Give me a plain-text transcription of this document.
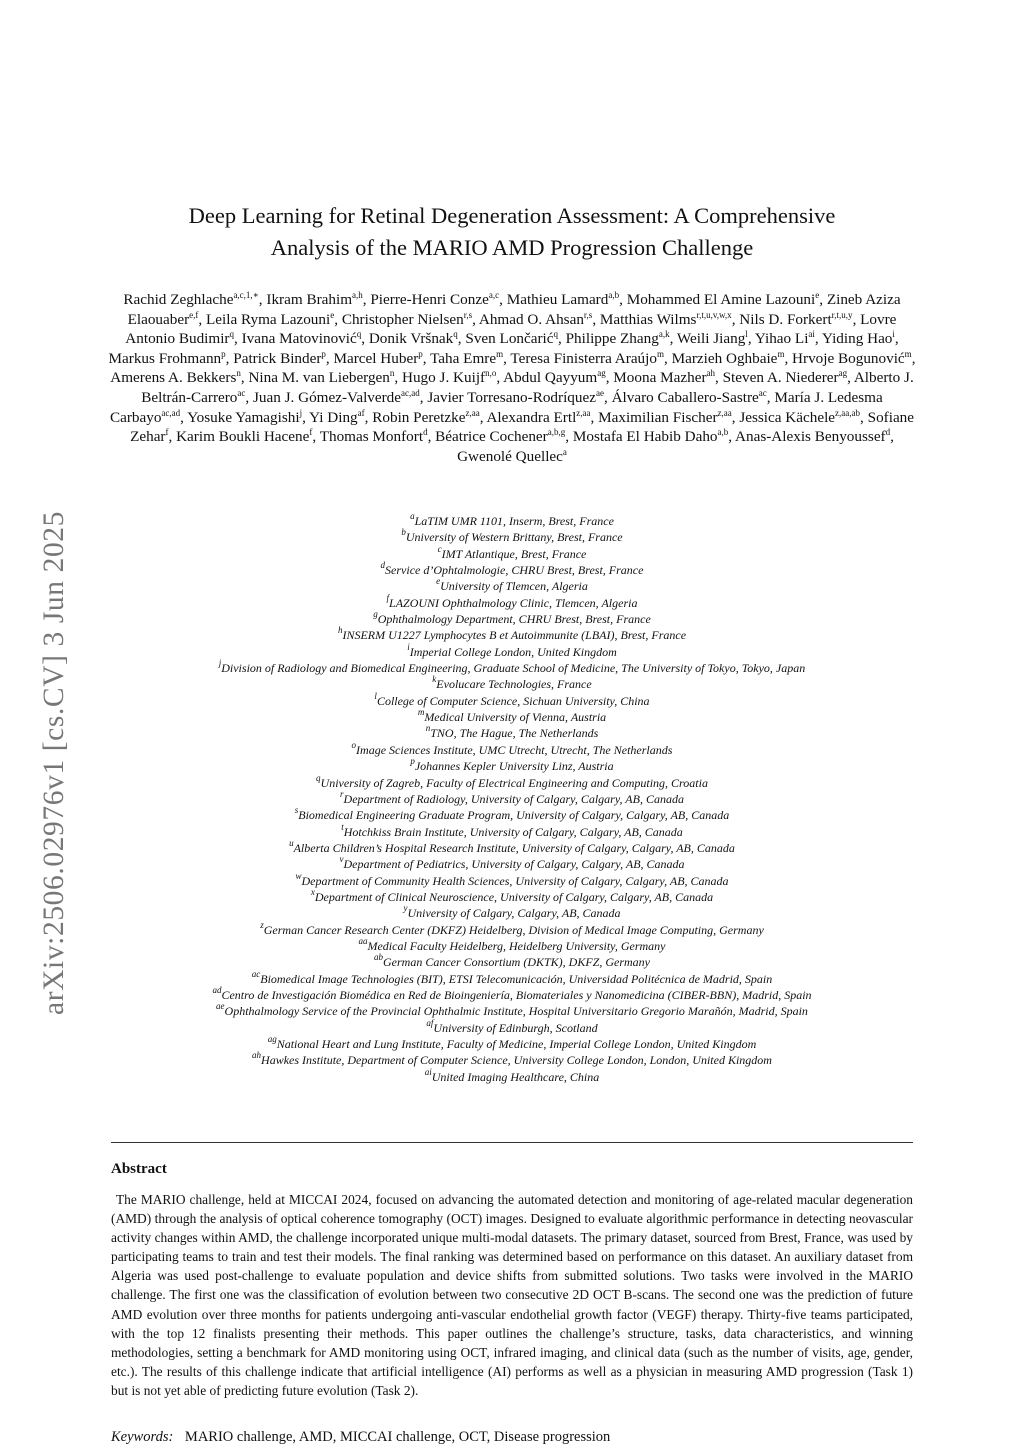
arXiv:2506.02976v1 [cs.CV] 3 Jun 2025
Deep Learning for Retinal Degeneration Assessment: A Comprehensive
Analysis of the MARIO AMD Progression Challenge
Rachid Zeghlache$^{a,c,1,∗}$, Ikram Brahim$^{a,h}$, Pierre-Henri Conze$^{a,c}$, Mathieu Lamard$^{a,b}$, Mohammed El Amine Lazouni$^e$, Zineb Aziza Elaouaber$^{e,f}$, Leila Ryma Lazouni$^e$, Christopher Nielsen$^{r,s}$, Ahmad O. Ahsan$^{r,s}$, Matthias Wilms$^{r,t,u,v,w,x}$, Nils D. Forkert$^{r,t,u,y}$, Lovre Antonio Budimir$^q$, Ivana Matovinović$^q$, Donik Vršnak$^q$, Sven Lončarić$^q$, Philippe Zhang$^{a,k}$, Weili Jiang$^l$, Yihao $Li^{ai}$, Yiding Hao$^i$, Markus Frohmann$^p$, Patrick Binder$^p$, Marcel Huber$^p$, Taha Emre$^m$, Teresa Finisterra Araújo$^m$, Marzieh Oghbaie$^m$, Hrvoje Bogunović$^m$, Amerens A. Bekkers$^n$, Nina M. van Liebergen$^n$, Hugo J. Kuijf$^{n,o}$, Abdul Qayyum$^{ag}$, Moona Mazher$^{ah}$, Steven A. Niederer$^{ag}$, Alberto J. Beltrán-Carrero$^{ac}$, Juan J. Gómez-Valverde$^{ac,ad}$, Javier Torresano-Rodríquez$^{ae}$, Álvaro Caballero-Sastre$^{ac}$, María J. Ledesma Carbayo$^{ac,ad}$, Yosuke Yamagishi$^j$, Yi Ding$^{af}$, Robin Peretzke$^{z,aa}$, Alexandra Ertl$^{z,aa}$, Maximilian Fischer$^{z,aa}$, Jessica Kächele$^{z,aa,ab}$, Sofiane Zehar$^f$, Karim Boukli Hacene$^f$, Thomas Monfort$^d$, Béatrice Cochener$^{a,b,g}$, Mostafa El Habib Daho$^{a,b}$, Anas-Alexis Benyoussef$^d$, Gwenolé Quellec$^a$
$^a$LaTIM UMR 1101, Inserm, Brest, France
$^b$University of Western Brittany, Brest, France
$^c$IMT Atlantique, Brest, France
$^d$Service d’Ophtalmologie, CHRU Brest, Brest, France
$^e$University of Tlemcen, Algeria
$^f$LAZOUNI Ophthalmology Clinic, Tlemcen, Algeria
$^g$Ophthalmology Department, CHRU Brest, Brest, France
$^h$INSERM U1227 Lymphocytes B et Autoimmunite (LBAI), Brest, France
$^i$Imperial College London, United Kingdom
$^j$Division of Radiology and Biomedical Engineering, Graduate School of Medicine, The University of Tokyo, Tokyo, Japan
$^k$Evolucare Technologies, France
$^l$College of Computer Science, Sichuan University, China
$^m$Medical University of Vienna, Austria
$^n$TNO, The Hague, The Netherlands
$^o$Image Sciences Institute, UMC Utrecht, Utrecht, The Netherlands
$^p$Johannes Kepler University Linz, Austria
$^q$University of Zagreb, Faculty of Electrical Engineering and Computing, Croatia
$^r$Department of Radiology, University of Calgary, Calgary, AB, Canada
$^s$Biomedical Engineering Graduate Program, University of Calgary, Calgary, AB, Canada
$^t$Hotchkiss Brain Institute, University of Calgary, Calgary, AB, Canada
$^u$Alberta Children’s Hospital Research Institute, University of Calgary, Calgary, AB, Canada
$^v$Department of Pediatrics, University of Calgary, Calgary, AB, Canada
$^w$Department of Community Health Sciences, University of Calgary, Calgary, AB, Canada
$^x$Department of Clinical Neuroscience, University of Calgary, Calgary, AB, Canada
$^y$University of Calgary, Calgary, AB, Canada
$^z$German Cancer Research Center (DKFZ) Heidelberg, Division of Medical Image Computing, Germany
$^{aa}$Medical Faculty Heidelberg, Heidelberg University, Germany
$^{ab}$German Cancer Consortium (DKTK), DKFZ, Germany
$^{ac}$Biomedical Image Technologies (BIT), ETSI Telecomunicación, Universidad Politécnica de Madrid, Spain
$^{ad}$Centro de Investigación Biomédica en Red de Bioingeniería, Biomateriales y Nanomedicina (CIBER-BBN), Madrid, Spain
$^{ae}$Ophthalmology Service of the Provincial Ophthalmic Institute, Hospital Universitario Gregorio Marañón, Madrid, Spain
$^{af}$University of Edinburgh, Scotland
$^{ag}$National Heart and Lung Institute, Faculty of Medicine, Imperial College London, United Kingdom
$^{ah}$Hawkes Institute, Department of Computer Science, University College London, London, United Kingdom
$^{ai}$United Imaging Healthcare, China
Abstract
The MARIO challenge, held at MICCAI 2024, focused on advancing the automated detection and monitoring of age-related macular degeneration (AMD) through the analysis of optical coherence tomography (OCT) images. Designed to evaluate algorithmic performance in detecting neovascular activity changes within AMD, the challenge incorporated unique multi-modal datasets. The primary dataset, sourced from Brest, France, was used by participating teams to train and test their models. The final ranking was determined based on performance on this dataset. An auxiliary dataset from Algeria was used post-challenge to evaluate population and device shifts from submitted solutions. Two tasks were involved in the MARIO challenge. The first one was the classification of evolution between two consecutive 2D OCT B-scans. The second one was the prediction of future AMD evolution over three months for patients undergoing anti-vascular endothelial growth factor (VEGF) therapy. Thirty-five teams participated, with the top 12 finalists presenting their methods. This paper outlines the challenge’s structure, tasks, data characteristics, and winning methodologies, setting a benchmark for AMD monitoring using OCT, infrared imaging, and clinical data (such as the number of visits, age, gender, etc.). The results of this challenge indicate that artificial intelligence (AI) performs as well as a physician in measuring AMD progression (Task 1) but is not yet able of predicting future evolution (Task 2).
Keywords: MARIO challenge, AMD, MICCAI challenge, OCT, Disease progression
